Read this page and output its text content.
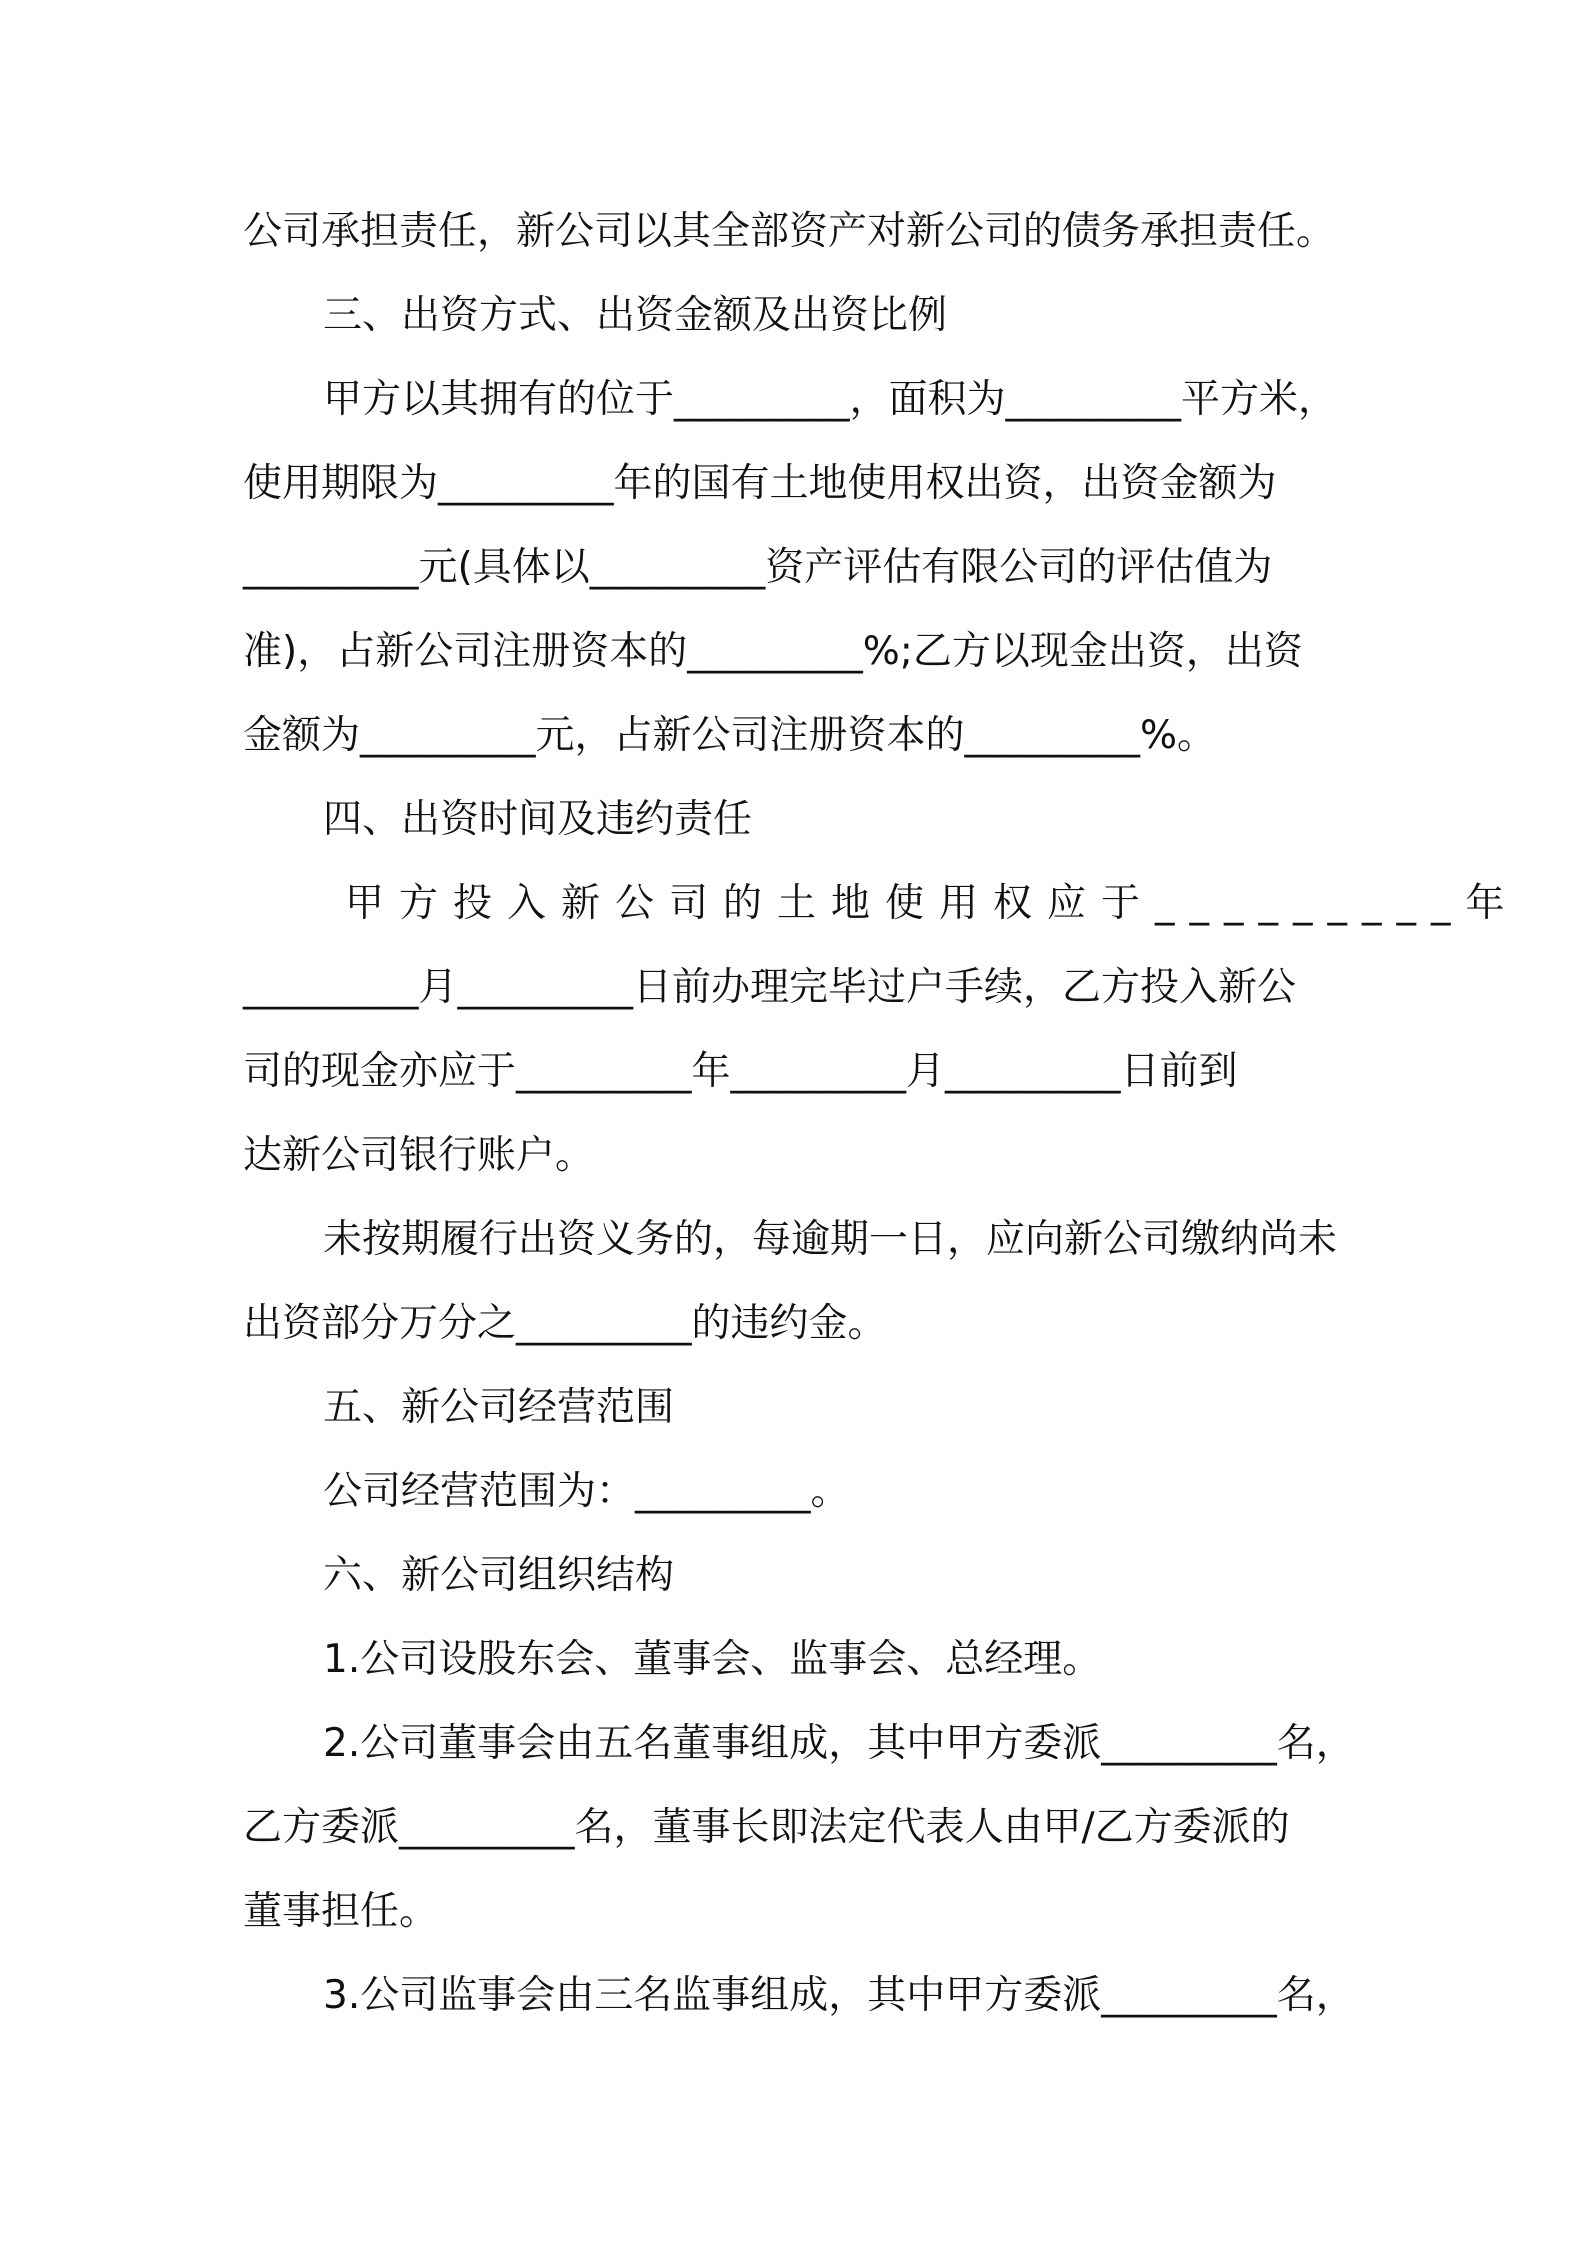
公司承担责任，新公司以其全部资产对新公司的债务承担责任。

三、出资方式、出资金额及出资比例

甲方以其拥有的位于_________，面积为_________平方米，

使用期限为_________年的国有土地使用权出资，出资金额为

_________元(具体以_________资产评估有限公司的评估值为

准)，占新公司注册资本的_________%;乙方以现金出资，出资

金额为_________元，占新公司注册资本的_________%。

四、出资时间及违约责任

甲方投入新公司的土地使用权应于_________年

_________月_________日前办理完毕过户手续，乙方投入新公

司的现金亦应于_________年_________月_________日前到

达新公司银行账户。

未按期履行出资义务的，每逾期一日，应向新公司缴纳尚未

出资部分万分之_________的违约金。

五、新公司经营范围

公司经营范围为：_________。

六、新公司组织结构

1.公司设股东会、董事会、监事会、总经理。

2.公司董事会由五名董事组成，其中甲方委派_________名，

乙方委派_________名，董事长即法定代表人由甲/乙方委派的

董事担任。

3.公司监事会由三名监事组成，其中甲方委派_________名，
